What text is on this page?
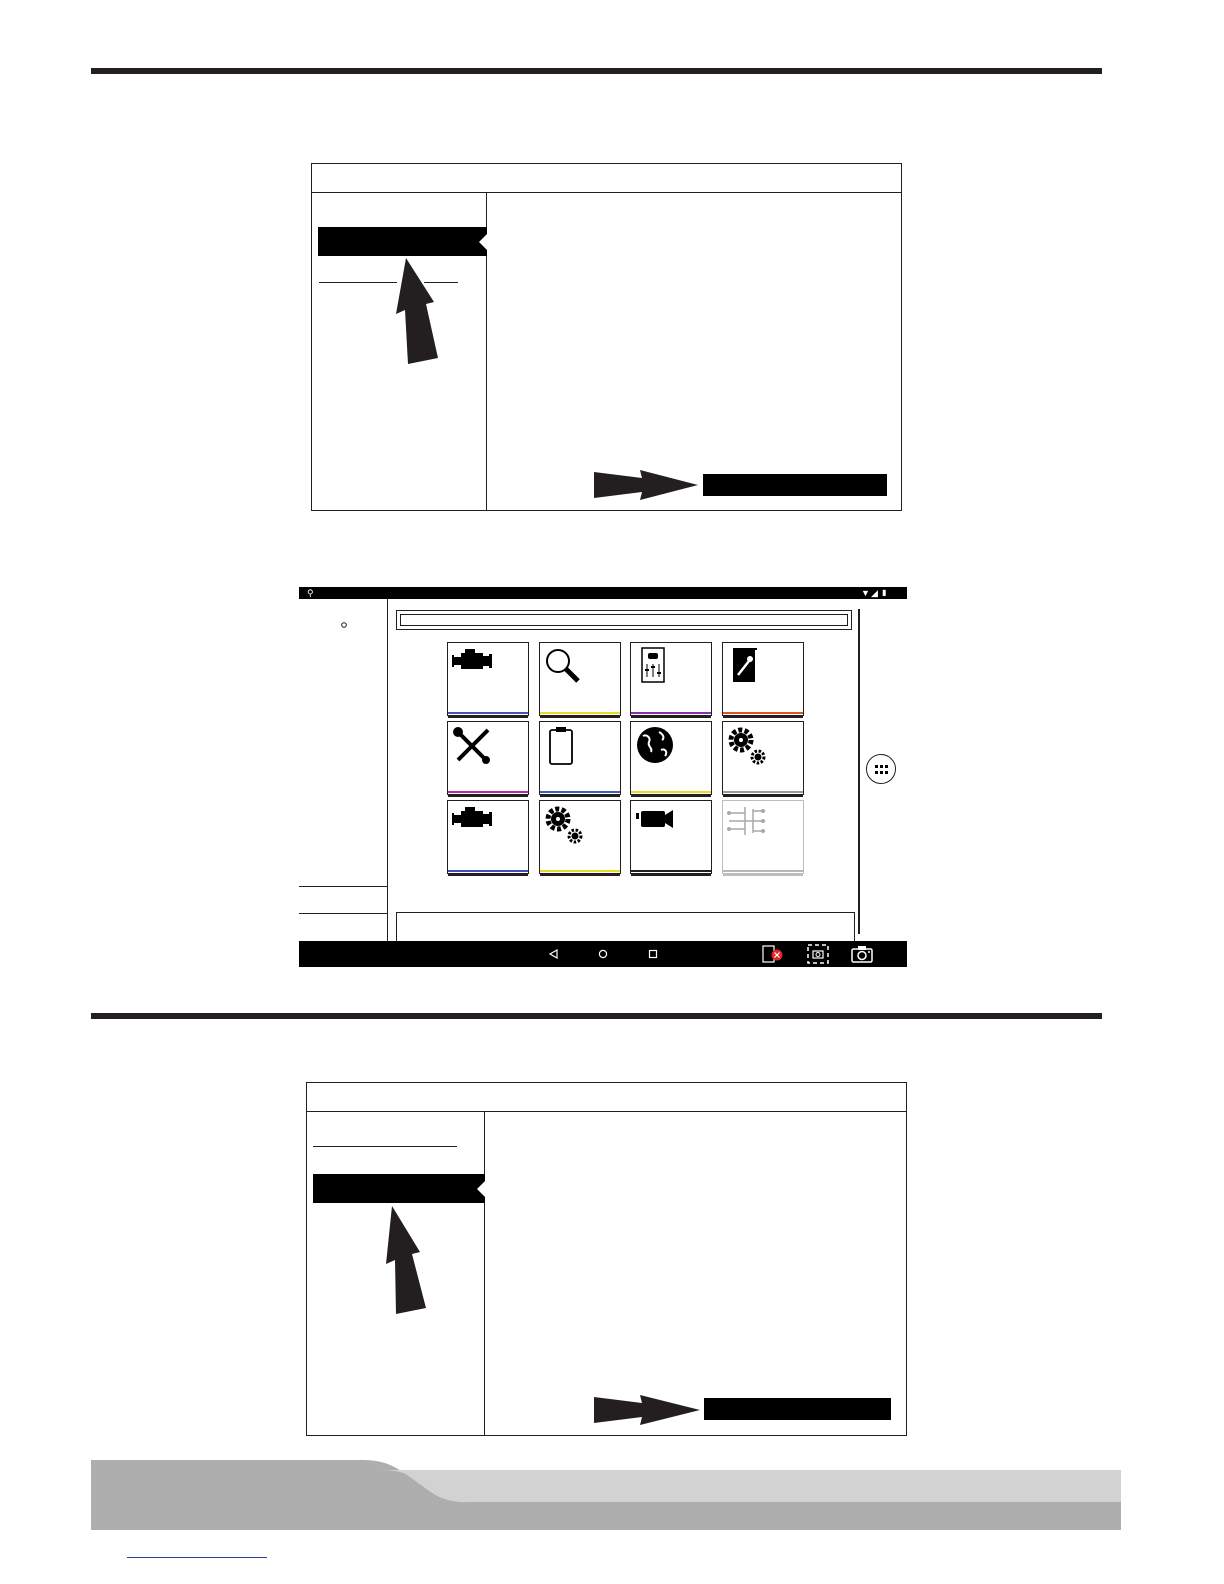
⚲	▼ ◢ ▮
